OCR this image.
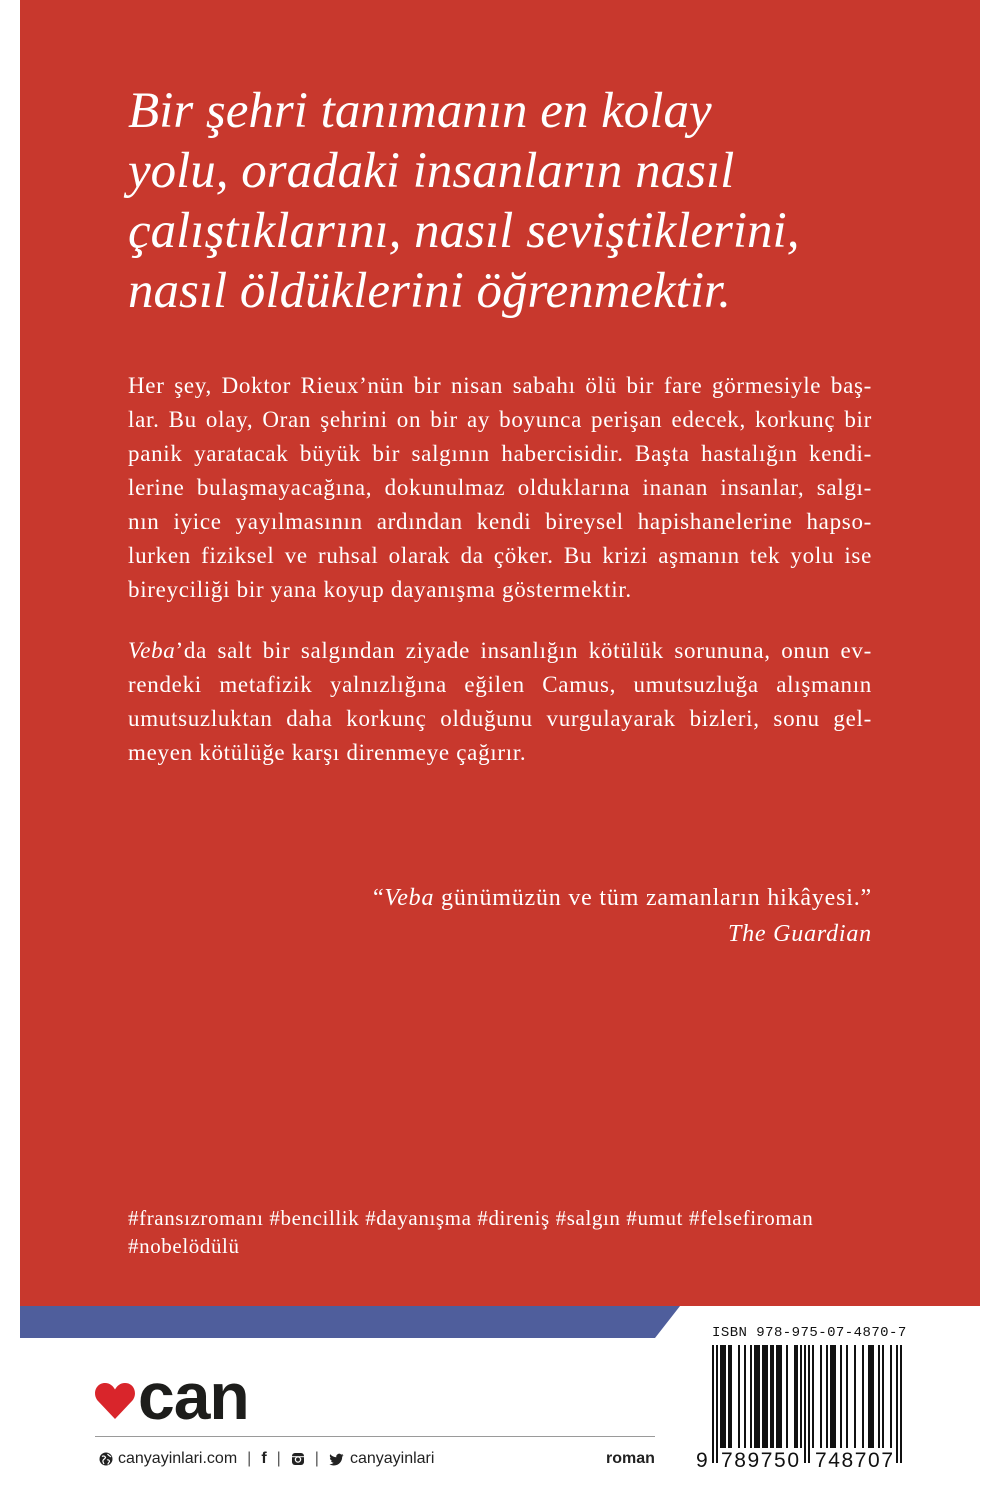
Bir şehri tanımanın en kolay
yolu, oradaki insanların nasıl
çalıştıklarını, nasıl seviştiklerini,
nasıl öldüklerini öğrenmektir.
Her şey, Doktor Rieux’nün bir nisan sabahı ölü bir fare görmesiyle baş-
lar. Bu olay, Oran şehrini on bir ay boyunca perişan edecek, korkunç bir
panik yaratacak büyük bir salgının habercisidir. Başta hastalığın kendi-
lerine bulaşmayacağına, dokunulmaz olduklarına inanan insanlar, salgı-
nın iyice yayılmasının ardından kendi bireysel hapishanelerine hapso-
lurken fiziksel ve ruhsal olarak da çöker. Bu krizi aşmanın tek yolu ise
bireyciliği bir yana koyup dayanışma göstermektir.
Veba’da salt bir salgından ziyade insanlığın kötülük sorununa, onun ev-
rendeki metafizik yalnızlığına eğilen Camus, umutsuzluğa alışmanın
umutsuzluktan daha korkunç olduğunu vurgulayarak bizleri, sonu gel-
meyen kötülüğe karşı direnmeye çağırır.
“Veba günümüzün ve tüm zamanların hikâyesi.”
The Guardian
#fransızromanı #bencillik #dayanışma #direniş #salgın #umut #felsefiroman
#nobelödülü
can
canyayinlari.com | f | | canyayinlari	roman
ISBN 978-975-07-4870-7
9 789750 748707
